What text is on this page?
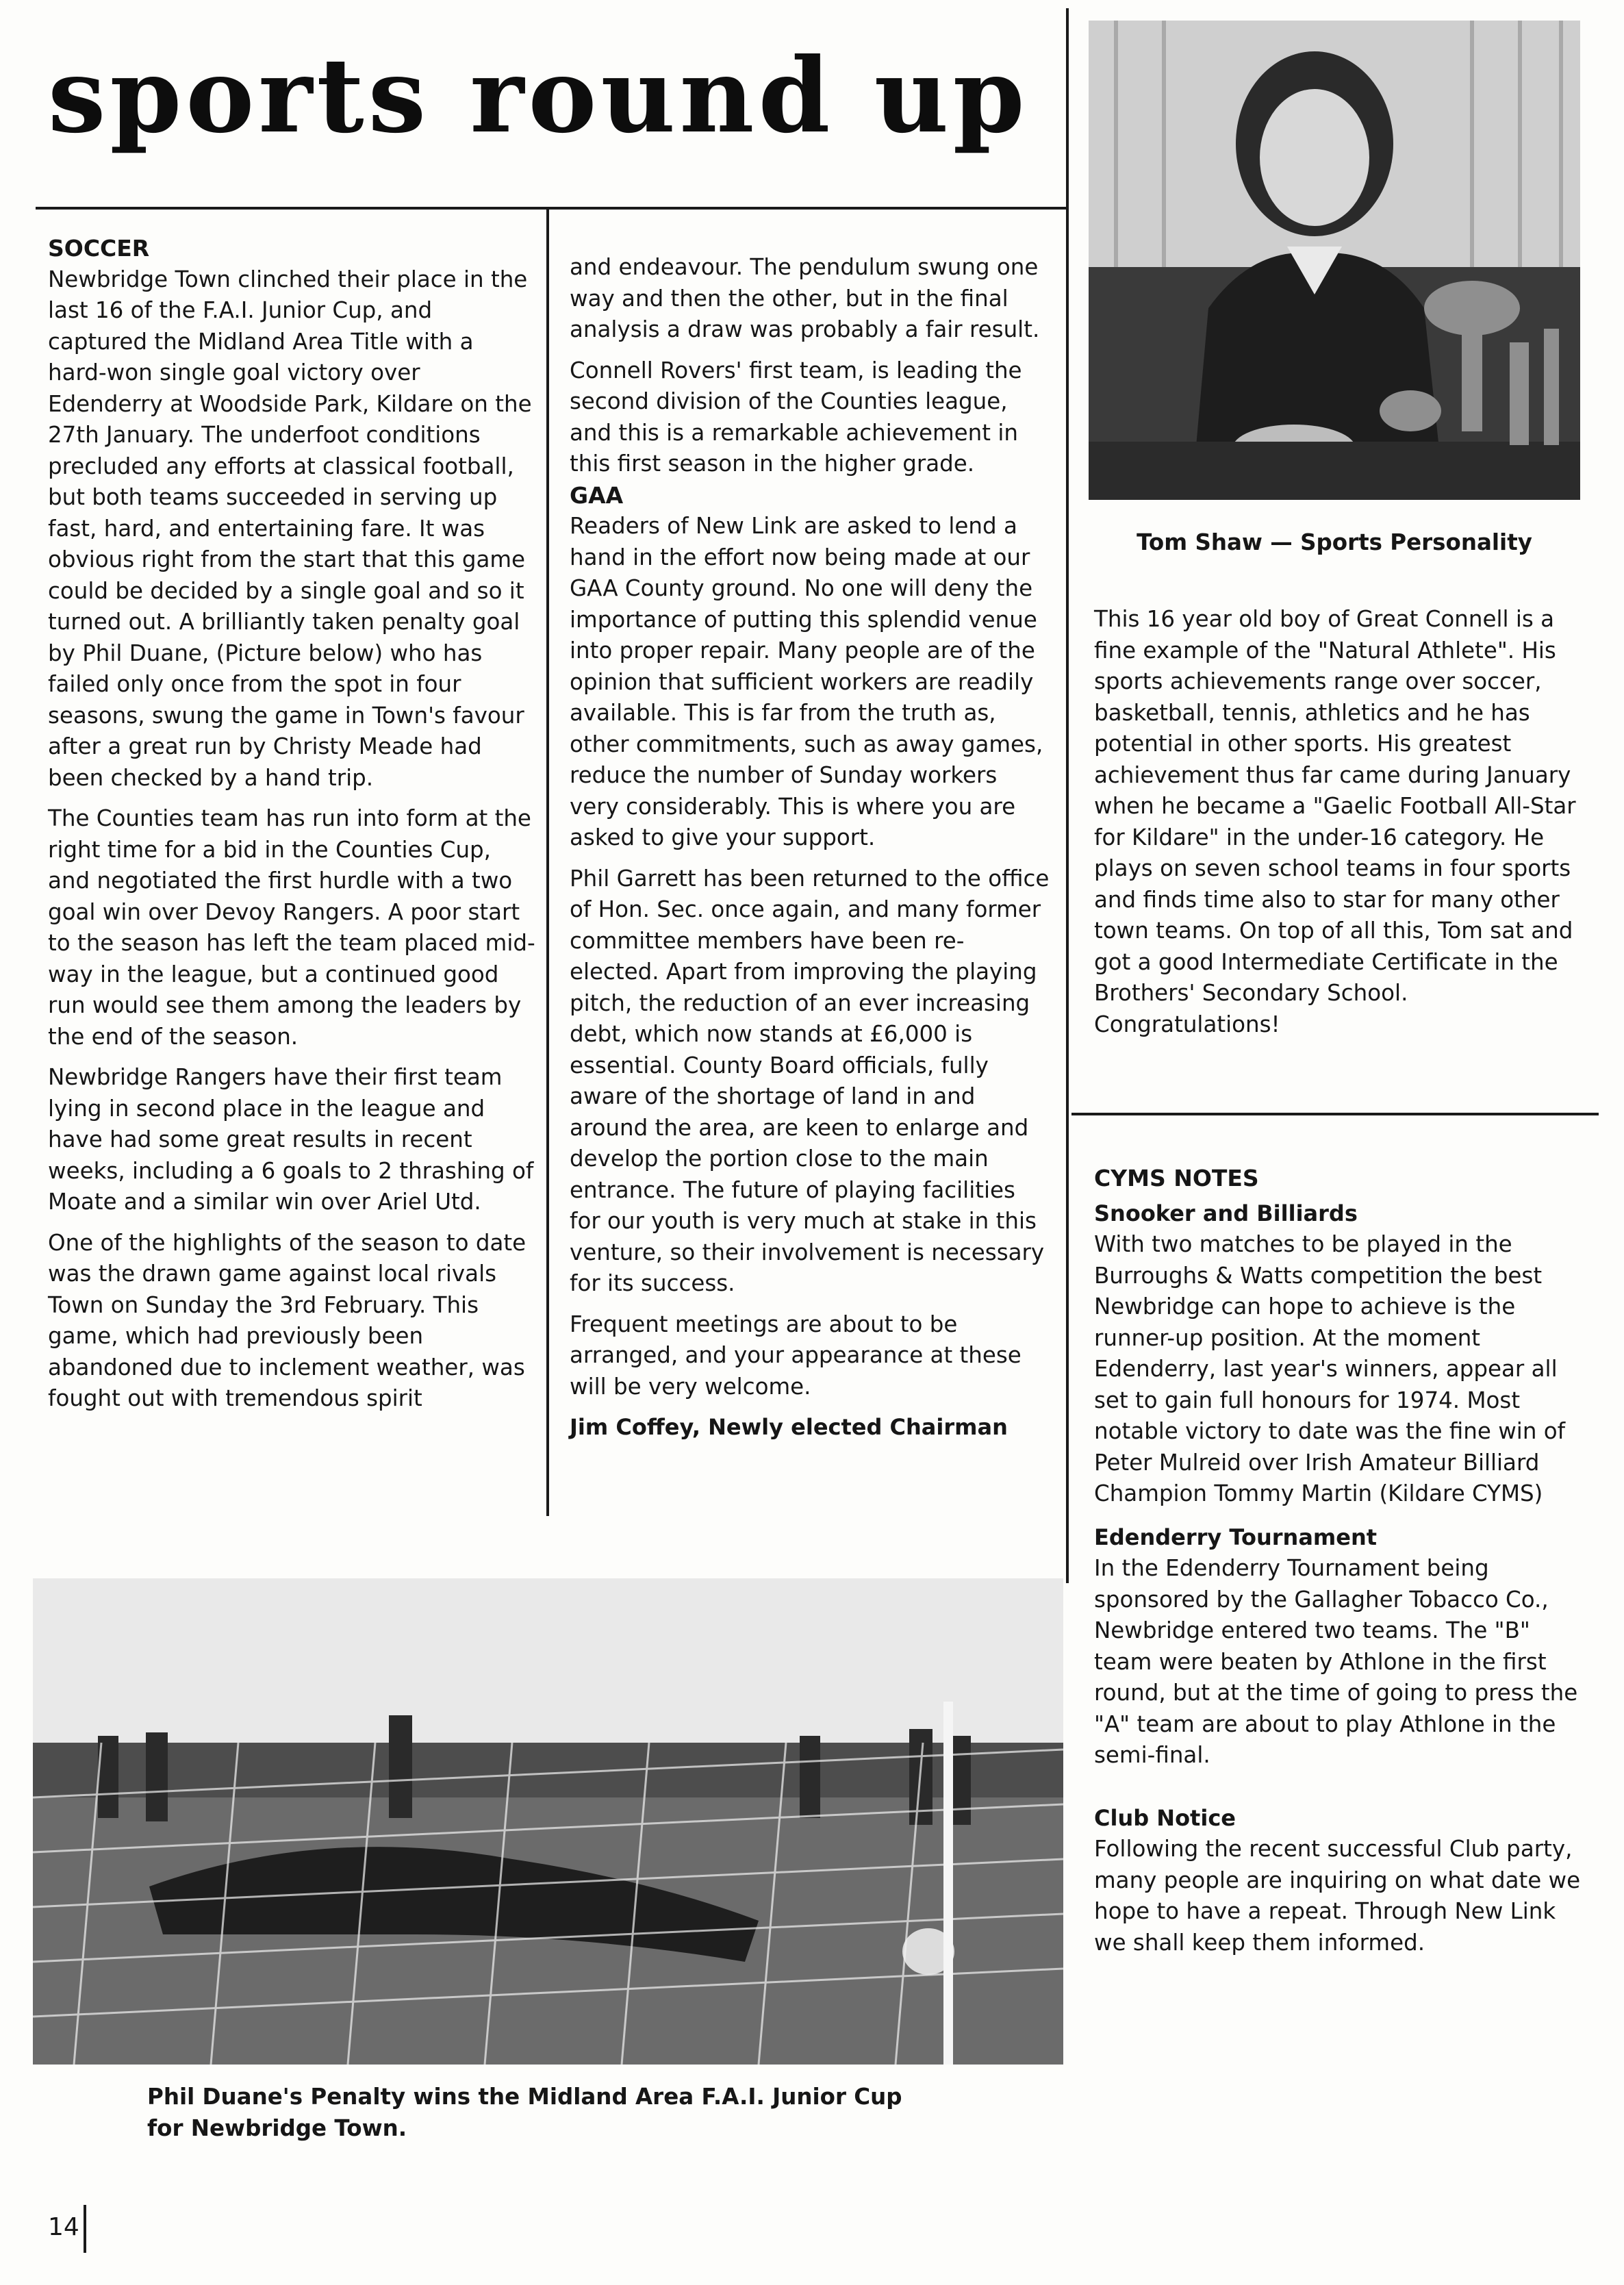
sports round up
SOCCER

Newbridge Town clinched their place in the last 16 of the F.A.I. Junior Cup, and captured the Midland Area Title with a hard-won single goal victory over Edenderry at Woodside Park, Kildare on the 27th January. The underfoot conditions precluded any efforts at classical football, but both teams succeeded in serving up fast, hard, and entertaining fare. It was obvious right from the start that this game could be decided by a single goal and so it turned out. A brilliantly taken penalty goal by Phil Duane, (Picture below) who has failed only once from the spot in four seasons, swung the game in Town's favour after a great run by Christy Meade had been checked by a hand trip.

The Counties team has run into form at the right time for a bid in the Counties Cup, and negotiated the first hurdle with a two goal win over Devoy Rangers. A poor start to the season has left the team placed mid-way in the league, but a continued good run would see them among the leaders by the end of the season.

Newbridge Rangers have their first team lying in second place in the league and have had some great results in recent weeks, including a 6 goals to 2 thrashing of Moate and a similar win over Ariel Utd.

One of the highlights of the season to date was the drawn game against local rivals Town on Sunday the 3rd February. This game, which had previously been abandoned due to inclement weather, was fought out with tremendous spirit

and endeavour. The pendulum swung one way and then the other, but in the final analysis a draw was probably a fair result.

Connell Rovers' first team, is leading the second division of the Counties league, and this is a remarkable achievement in this first season in the higher grade.

GAA

Readers of New Link are asked to lend a hand in the effort now being made at our GAA County ground. No one will deny the importance of putting this splendid venue into proper repair. Many people are of the opinion that sufficient workers are readily available. This is far from the truth as, other commitments, such as away games, reduce the number of Sunday workers very considerably. This is where you are asked to give your support.

Phil Garrett has been returned to the office of Hon. Sec. once again, and many former committee members have been re-elected. Apart from improving the playing pitch, the reduction of an ever increasing debt, which now stands at £6,000 is essential. County Board officials, fully aware of the shortage of land in and around the area, are keen to enlarge and develop the portion close to the main entrance. The future of playing facilities for our youth is very much at stake in this venture, so their involvement is necessary for its success.

Frequent meetings are about to be arranged, and your appearance at these will be very welcome.

Jim Coffey, Newly elected Chairman
Tom Shaw — Sports Personality
This 16 year old boy of Great Connell is a fine example of the "Natural Athlete". His sports achievements range over soccer, basketball, tennis, athletics and he has potential in other sports. His greatest achievement thus far came during January when he became a "Gaelic Football All-Star for Kildare" in the under-16 category. He plays on seven school teams in four sports and finds time also to star for many other town teams. On top of all this, Tom sat and got a good Intermediate Certificate in the Brothers' Secondary School. Congratulations!
CYMS NOTES
Snooker and Billiards

With two matches to be played in the Burroughs & Watts competition the best Newbridge can hope to achieve is the runner-up position. At the moment Edenderry, last year's winners, appear all set to gain full honours for 1974. Most notable victory to date was the fine win of Peter Mulreid over Irish Amateur Billiard Champion Tommy Martin (Kildare CYMS)

Edenderry Tournament

In the Edenderry Tournament being sponsored by the Gallagher Tobacco Co., Newbridge entered two teams. The "B" team were beaten by Athlone in the first round, but at the time of going to press the "A" team are about to play Athlone in the semi-final.

Club Notice

Following the recent successful Club party, many people are inquiring on what date we hope to have a repeat. Through New Link we shall keep them informed.

Phil Duane's Penalty wins the Midland Area F.A.I. Junior Cup for Newbridge Town.
14
